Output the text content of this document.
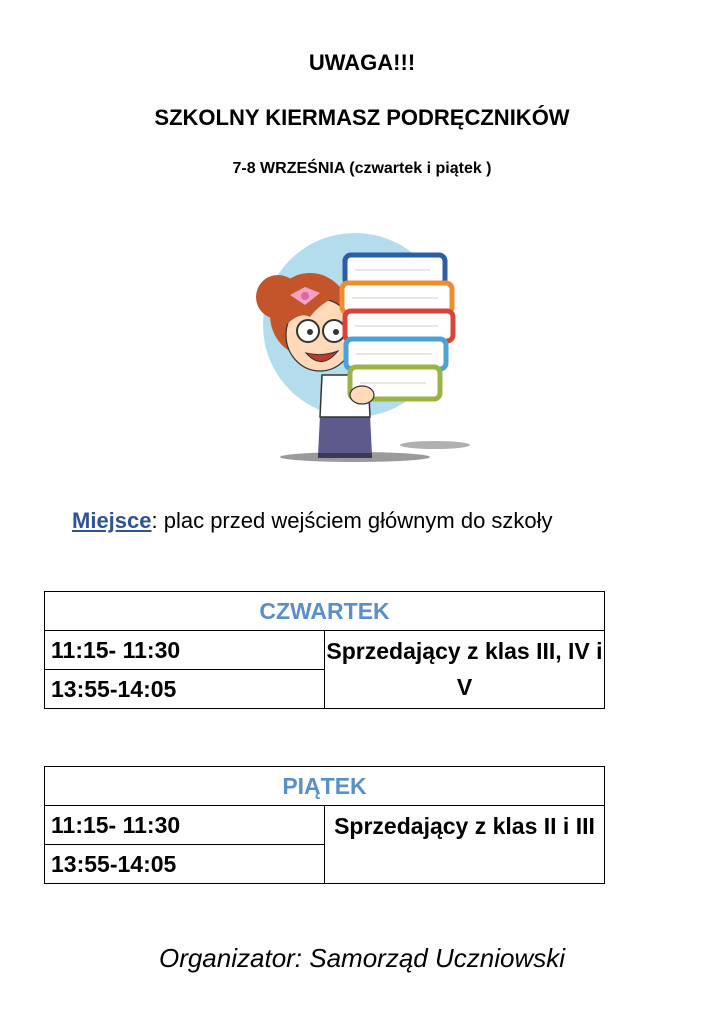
UWAGA!!!
SZKOLNY KIERMASZ PODRĘCZNIKÓW
7-8 WRZEŚNIA (czwartek i piątek )
Miejsce: plac przed wejściem głównym do szkoły
CZWARTEK
11:15- 11:30	Sprzedający z klas III, IV i V
13:55-14:05
PIĄTEK
11:15- 11:30	Sprzedający z klas II i III
13:55-14:05
Organizator: Samorząd Uczniowski
